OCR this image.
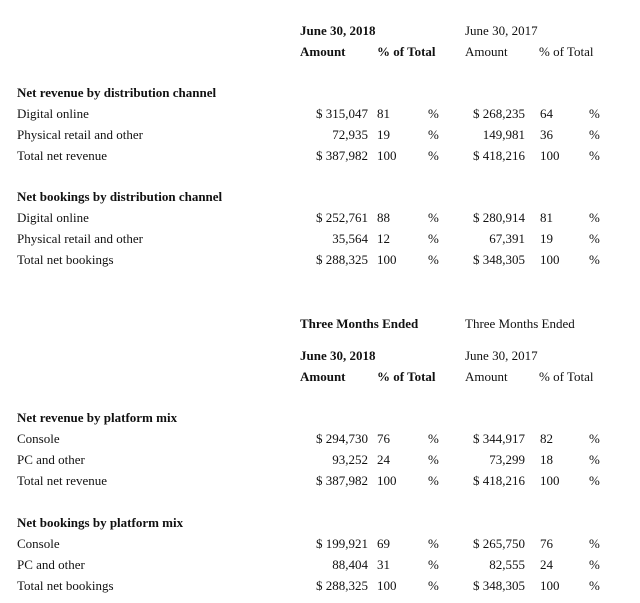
June 30, 2018	June 30, 2017
Amount % of Total Amount % of Total
Net revenue by distribution channel
Digital online	$ 315,047 81	%	$ 268,235 64	%
Physical retail and other	72,935 19	%	149,981 36	%
Total net revenue	$ 387,982 100 %	$ 418,216 100 %
Net bookings by distribution channel
Digital online	$ 252,761 88	%	$ 280,914 81	%
Physical retail and other	35,564 12	%	67,391 19	%
Total net bookings	$ 288,325 100 %	$ 348,305 100 %
Three Months Ended	Three Months Ended
June 30, 2018	June 30, 2017
Amount % of Total Amount % of Total
Net revenue by platform mix
Console	$ 294,730 76	%	$ 344,917 82	%
PC and other	93,252 24	%	73,299 18	%
Total net revenue	$ 387,982 100 %	$ 418,216 100 %
Net bookings by platform mix
Console	$ 199,921 69	%	$ 265,750 76	%
PC and other	88,404 31	%	82,555 24	%
Total net bookings	$ 288,325 100 %	$ 348,305 100 %
